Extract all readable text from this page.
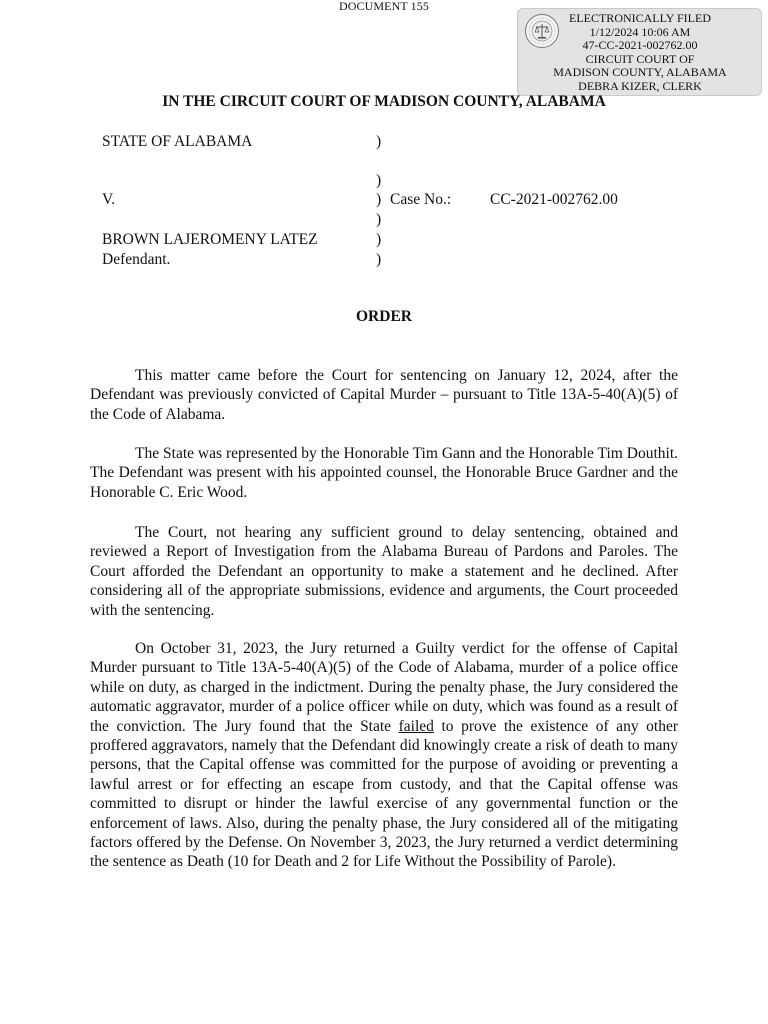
DOCUMENT 155
ELECTRONICALLY FILED
1/12/2024 10:06 AM
47-CC-2021-002762.00
CIRCUIT COURT OF
MADISON COUNTY, ALABAMA
DEBRA KIZER, CLERK
IN THE CIRCUIT COURT OF MADISON COUNTY, ALABAMA
STATE OF ALABAMA	)
)
V.	) Case No.:	CC-2021-002762.00
)
BROWN LAJEROMENY LATEZ	)
Defendant.	)
ORDER

This matter came before the Court for sentencing on January 12, 2024, after the Defendant was previously convicted of Capital Murder – pursuant to Title 13A-5-40(A)(5) of the Code of Alabama.

The State was represented by the Honorable Tim Gann and the Honorable Tim Douthit. The Defendant was present with his appointed counsel, the Honorable Bruce Gardner and the Honorable C. Eric Wood.

The Court, not hearing any sufficient ground to delay sentencing, obtained and reviewed a Report of Investigation from the Alabama Bureau of Pardons and Paroles. The Court afforded the Defendant an opportunity to make a statement and he declined. After considering all of the appropriate submissions, evidence and arguments, the Court proceeded with the sentencing.

On October 31, 2023, the Jury returned a Guilty verdict for the offense of Capital Murder pursuant to Title 13A-5-40(A)(5) of the Code of Alabama, murder of a police office while on duty, as charged in the indictment. During the penalty phase, the Jury considered the automatic aggravator, murder of a police officer while on duty, which was found as a result of the conviction. The Jury found that the State failed to prove the existence of any other proffered aggravators, namely that the Defendant did knowingly create a risk of death to many persons, that the Capital offense was committed for the purpose of avoiding or preventing a lawful arrest or for effecting an escape from custody, and that the Capital offense was committed to disrupt or hinder the lawful exercise of any governmental function or the enforcement of laws. Also, during the penalty phase, the Jury considered all of the mitigating factors offered by the Defense. On November 3, 2023, the Jury returned a verdict determining the sentence as Death (10 for Death and 2 for Life Without the Possibility of Parole).
